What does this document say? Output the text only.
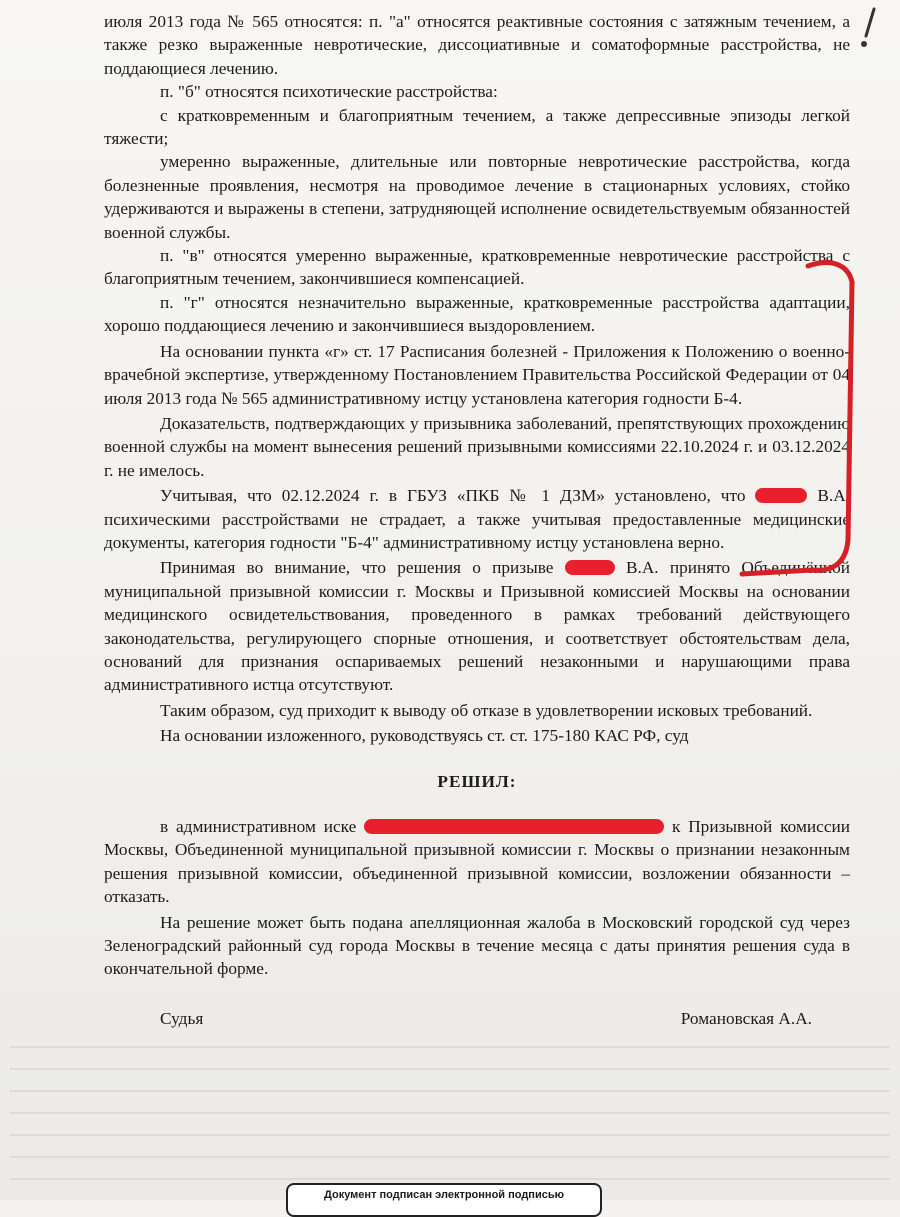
июля 2013 года № 565 относятся: п. "а" относятся реактивные состояния с затяжным течением, а также резко выраженные невротические, диссоциативные и соматоформные расстройства, не поддающиеся лечению.

п. "б" относятся психотические расстройства:

с кратковременным и благоприятным течением, а также депрессивные эпизоды легкой тяжести;

умеренно выраженные, длительные или повторные невротические расстройства, когда болезненные проявления, несмотря на проводимое лечение в стационарных условиях, стойко удерживаются и выражены в степени, затрудняющей исполнение освидетельствуемым обязанностей военной службы.

п. "в" относятся умеренно выраженные, кратковременные невротические расстройства с благоприятным течением, закончившиеся компенсацией.

п. "г" относятся незначительно выраженные, кратковременные расстройства адаптации, хорошо поддающиеся лечению и закончившиеся выздоровлением.

На основании пункта «г» ст. 17 Расписания болезней - Приложения к Положению о военно-врачебной экспертизе, утвержденному Постановлением Правительства Российской Федерации от 04 июля 2013 года № 565 административному истцу установлена категория годности Б-4.

Доказательств, подтверждающих у призывника заболеваний, препятствующих прохождению военной службы на момент вынесения решений призывными комиссиями 22.10.2024 г. и 03.12.2024 г. не имелось.

Учитывая, что 02.12.2024 г. в ГБУЗ «ПКБ № 1 ДЗМ» установлено, что	В.А. психическими расстройствами не страдает, а также учитывая предоставленные медицинские документы, категория годности "Б-4" административному истцу установлена верно.

Принимая во внимание, что решения о призыве	В.А. принято Объединённой муниципальной призывной комиссии г. Москвы и Призывной комиссией Москвы на основании медицинского освидетельствования, проведенного в рамках требований действующего законодательства, регулирующего спорные отношения, и соответствует обстоятельствам дела, оснований для признания оспариваемых решений незаконными и нарушающими права административного истца отсутствуют.

Таким образом, суд приходит к выводу об отказе в удовлетворении исковых требований.

На основании изложенного, руководствуясь ст. ст. 175-180 КАС РФ, суд

РЕШИЛ:

в административном иске	к Призывной комиссии Москвы, Объединенной муниципальной призывной комиссии г. Москвы о признании незаконным решения призывной комиссии, объединенной призывной комиссии, возложении обязанности – отказать.

На решение может быть подана апелляционная жалоба в Московский городской суд через Зеленоградский районный суд города Москвы в течение месяца с даты принятия решения суда в окончательной форме.

Судья	Романовская А.А.
Документ подписан электронной подписью
